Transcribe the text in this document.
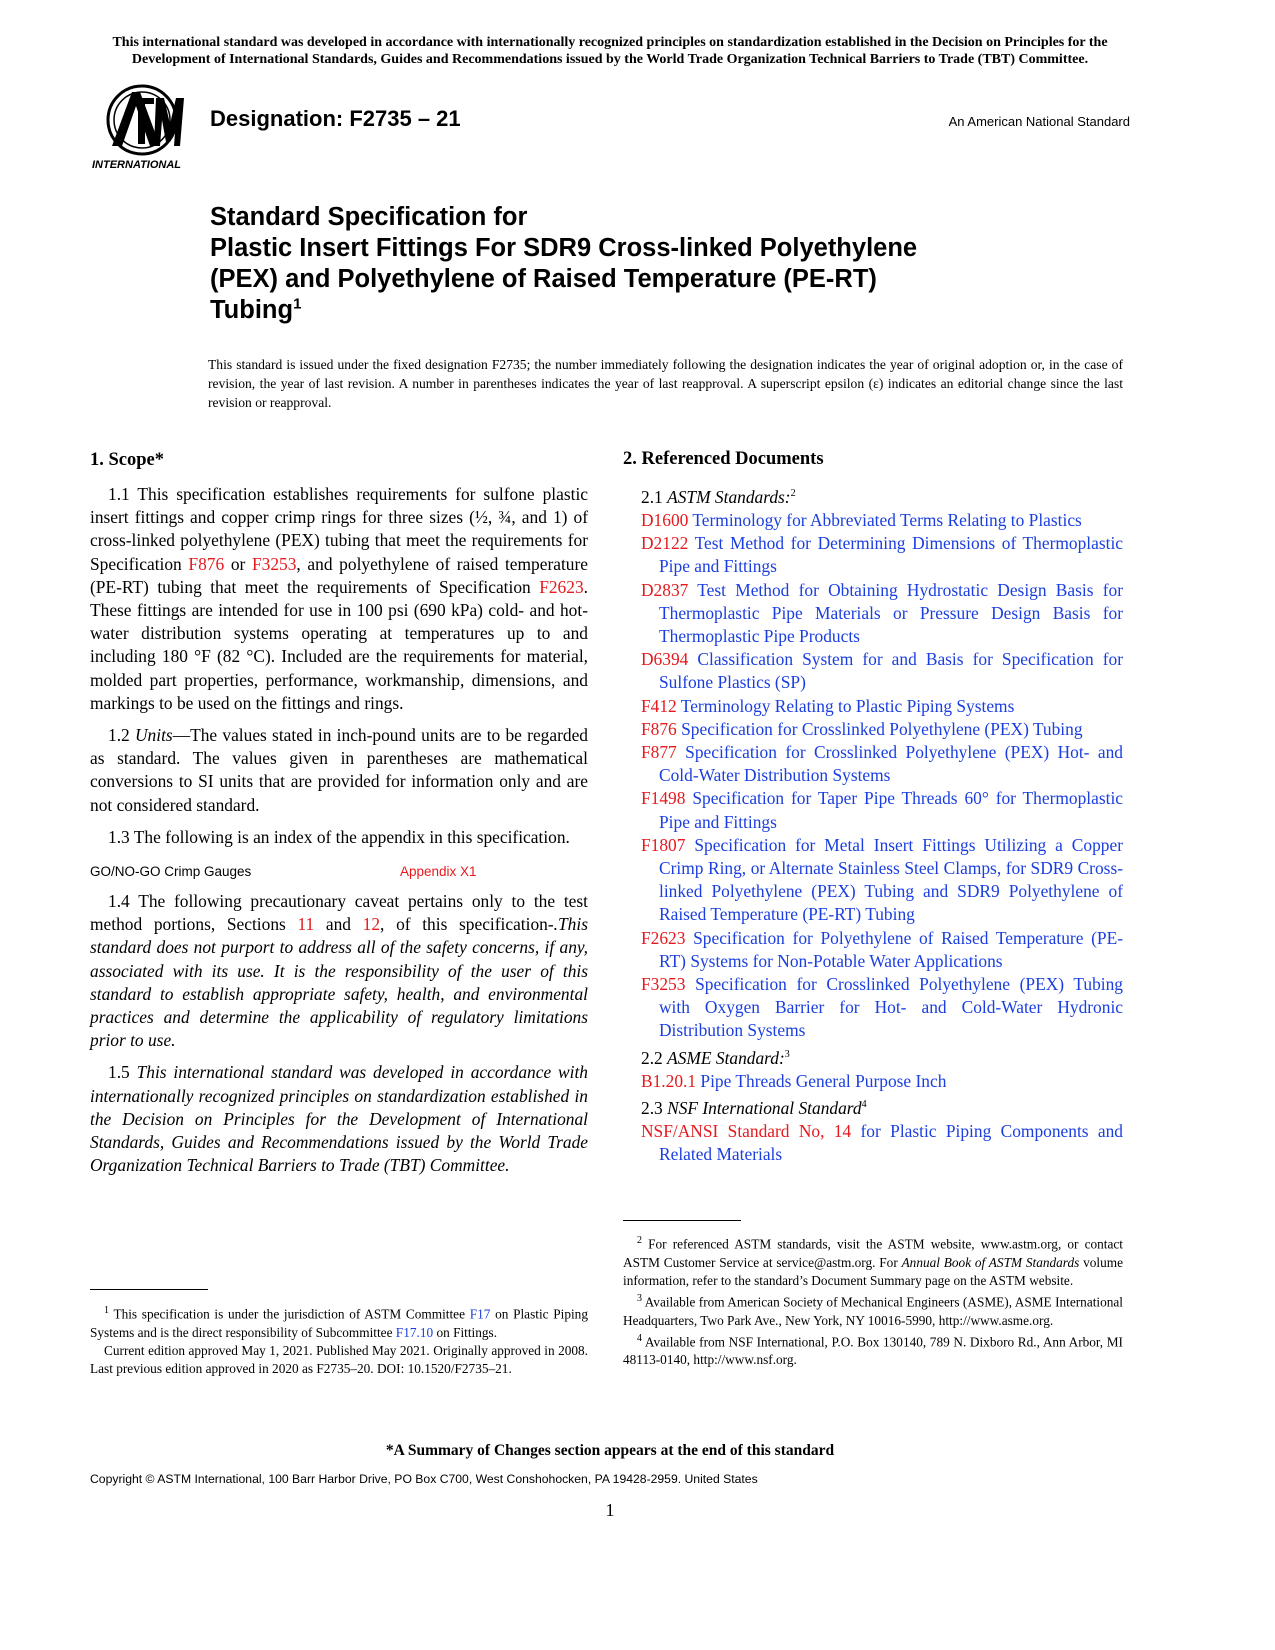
This international standard was developed in accordance with internationally recognized principles on standardization established in the Decision on Principles for the
Development of International Standards, Guides and Recommendations issued by the World Trade Organization Technical Barriers to Trade (TBT) Committee.
INTERNATIONAL
Designation: F2735 – 21	An American National Standard
Standard Specification for
Plastic Insert Fittings For SDR9 Cross-linked Polyethylene
(PEX) and Polyethylene of Raised Temperature (PE-RT)
Tubing$^1$
This standard is issued under the fixed designation F2735; the number immediately following the designation indicates the year of original adoption or, in the case of revision, the year of last revision. A number in parentheses indicates the year of last reapproval. A superscript epsilon (ε) indicates an editorial change since the last revision or reapproval.
1. Scope*

1.1 This specification establishes requirements for sulfone plastic insert fittings and copper crimp rings for three sizes (½, ¾, and 1) of cross-linked polyethylene (PEX) tubing that meet the requirements for Specification F876 or F3253, and polyethylene of raised temperature (PE-RT) tubing that meet the requirements of Specification F2623. These fittings are intended for use in 100 psi (690 kPa) cold- and hot-water distribution systems operating at temperatures up to and including 180 °F (82 °C). Included are the requirements for material, molded part properties, performance, workmanship, dimensions, and markings to be used on the fittings and rings.

1.2 Units—The values stated in inch-pound units are to be regarded as standard. The values given in parentheses are mathematical conversions to SI units that are provided for information only and are not considered standard.

1.3 The following is an index of the appendix in this specification.

GO/NO-GO Crimp Gauges	Appendix X1

1.4 The following precautionary caveat pertains only to the test method portions, Sections 11 and 12, of this specification-.This standard does not purport to address all of the safety concerns, if any, associated with its use. It is the responsibility of the user of this standard to establish appropriate safety, health, and environmental practices and determine the applicability of regulatory limitations prior to use.

1.5 This international standard was developed in accordance with internationally recognized principles on standardization established in the Decision on Principles for the Development of International Standards, Guides and Recommendations issued by the World Trade Organization Technical Barriers to Trade (TBT) Committee.

2. Referenced Documents

2.1 ASTM Standards:$^2$

D1600 Terminology for Abbreviated Terms Relating to Plastics

D2122 Test Method for Determining Dimensions of Thermoplastic Pipe and Fittings

D2837 Test Method for Obtaining Hydrostatic Design Basis for Thermoplastic Pipe Materials or Pressure Design Basis for Thermoplastic Pipe Products

D6394 Classification System for and Basis for Specification for Sulfone Plastics (SP)

F412 Terminology Relating to Plastic Piping Systems

F876 Specification for Crosslinked Polyethylene (PEX) Tubing

F877 Specification for Crosslinked Polyethylene (PEX) Hot- and Cold-Water Distribution Systems

F1498 Specification for Taper Pipe Threads 60° for Thermoplastic Pipe and Fittings

F1807 Specification for Metal Insert Fittings Utilizing a Copper Crimp Ring, or Alternate Stainless Steel Clamps, for SDR9 Cross-linked Polyethylene (PEX) Tubing and SDR9 Polyethylene of Raised Temperature (PE-RT) Tubing

F2623 Specification for Polyethylene of Raised Temperature (PE-RT) Systems for Non-Potable Water Applications

F3253 Specification for Crosslinked Polyethylene (PEX) Tubing with Oxygen Barrier for Hot- and Cold-Water Hydronic Distribution Systems

2.2 ASME Standard:$^3$

B1.20.1 Pipe Threads General Purpose Inch

2.3 NSF International Standard$^4$

NSF/ANSI Standard No, 14 for Plastic Piping Components and Related Materials

$^1$ This specification is under the jurisdiction of ASTM Committee F17 on Plastic Piping Systems and is the direct responsibility of Subcommittee F17.10 on Fittings.

Current edition approved May 1, 2021. Published May 2021. Originally approved in 2008. Last previous edition approved in 2020 as F2735–20. DOI: 10.1520/F2735–21.

$^2$ For referenced ASTM standards, visit the ASTM website, www.astm.org, or contact ASTM Customer Service at service@astm.org. For Annual Book of ASTM Standards volume information, refer to the standard’s Document Summary page on the ASTM website.

$^3$ Available from American Society of Mechanical Engineers (ASME), ASME International Headquarters, Two Park Ave., New York, NY 10016-5990, http://www.asme.org.

$^4$ Available from NSF International, P.O. Box 130140, 789 N. Dixboro Rd., Ann Arbor, MI 48113-0140, http://www.nsf.org.

*A Summary of Changes section appears at the end of this standard
Copyright © ASTM International, 100 Barr Harbor Drive, PO Box C700, West Conshohocken, PA 19428-2959. United States
1
